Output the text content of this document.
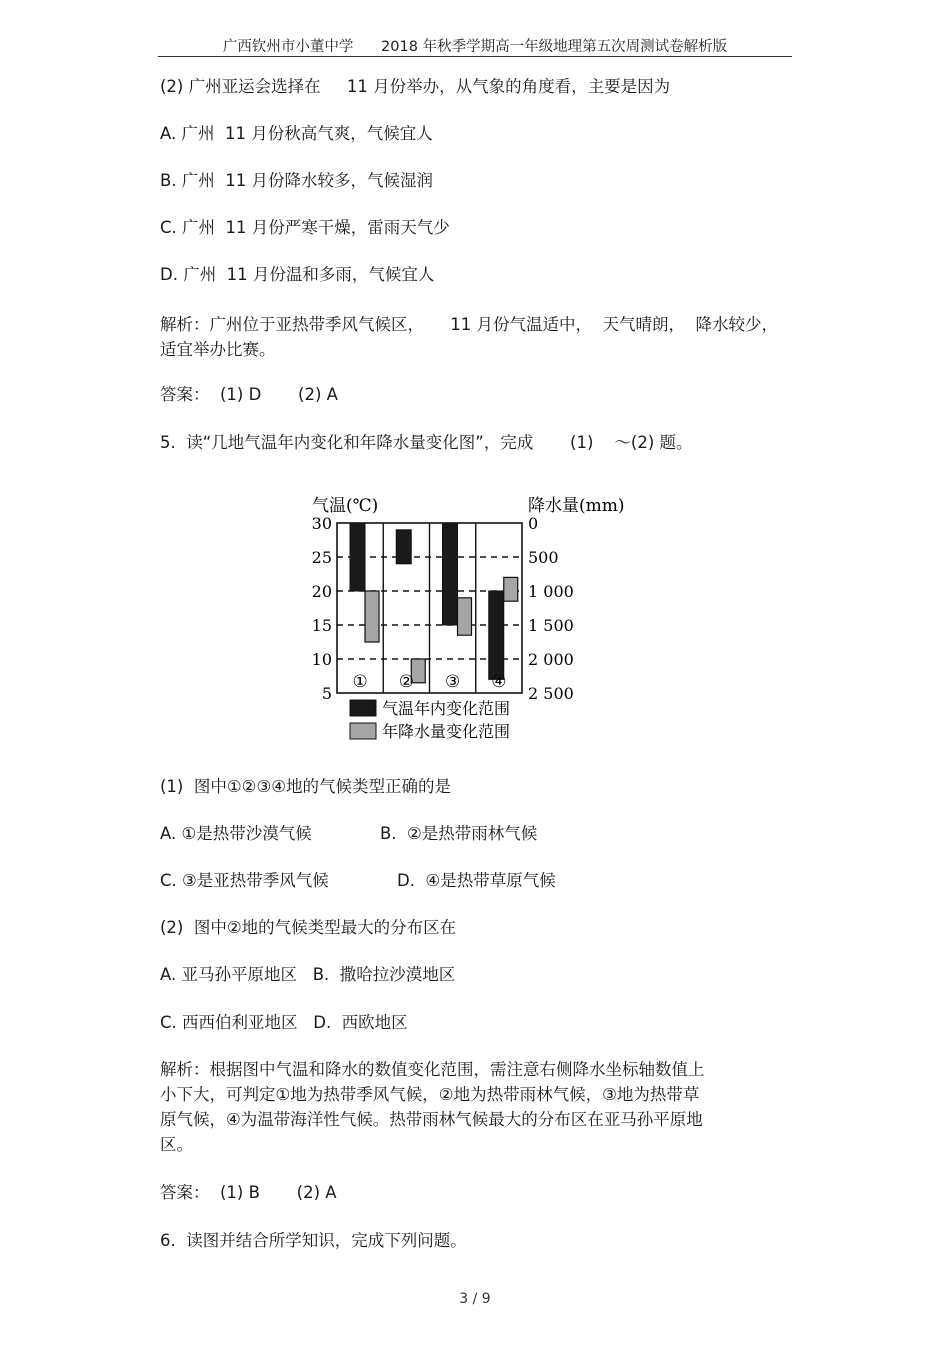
广西钦州市小董中学      2018 年秋季学期高一年级地理第五次周测试卷解析版
(2) 广州亚运会选择在     11 月份举办，从气象的角度看，主要是因为
A. 广州  11 月份秋高气爽，气候宜人
B. 广州  11 月份降水较多，气候湿润
C. 广州  11 月份严寒干燥，雷雨天气少
D. 广州  11 月份温和多雨，气候宜人
解析：广州位于亚热带季风气候区，     11 月份气温适中，  天气晴朗，  降水较少，
适宜举办比赛。
答案：  (1) D       (2) A
5.  读“几地气温年内变化和年降水量变化图”，完成       (1)    ～(2) 题。
气温(℃)	降水量(mm)
30
25
20
15
10
5
0
500
1 000
1 500
2 000
2 500
① ② ③ ④
气温年内变化范围
年降水量变化范围
(1)  图中①②③④地的气候类型正确的是
A. ①是热带沙漠气候             B.  ②是热带雨林气候
C. ③是亚热带季风气候             D.  ④是热带草原气候
(2)  图中②地的气候类型最大的分布区在
A. 亚马孙平原地区   B.  撒哈拉沙漠地区
C. 西西伯利亚地区   D.  西欧地区
解析：根据图中气温和降水的数值变化范围，需注意右侧降水坐标轴数值上
小下大，可判定①地为热带季风气候，②地为热带雨林气候，③地为热带草
原气候，④为温带海洋性气候。热带雨林气候最大的分布区在亚马孙平原地
区。
答案：  (1) B       (2) A
6.  读图并结合所学知识，完成下列问题。
3 / 9
